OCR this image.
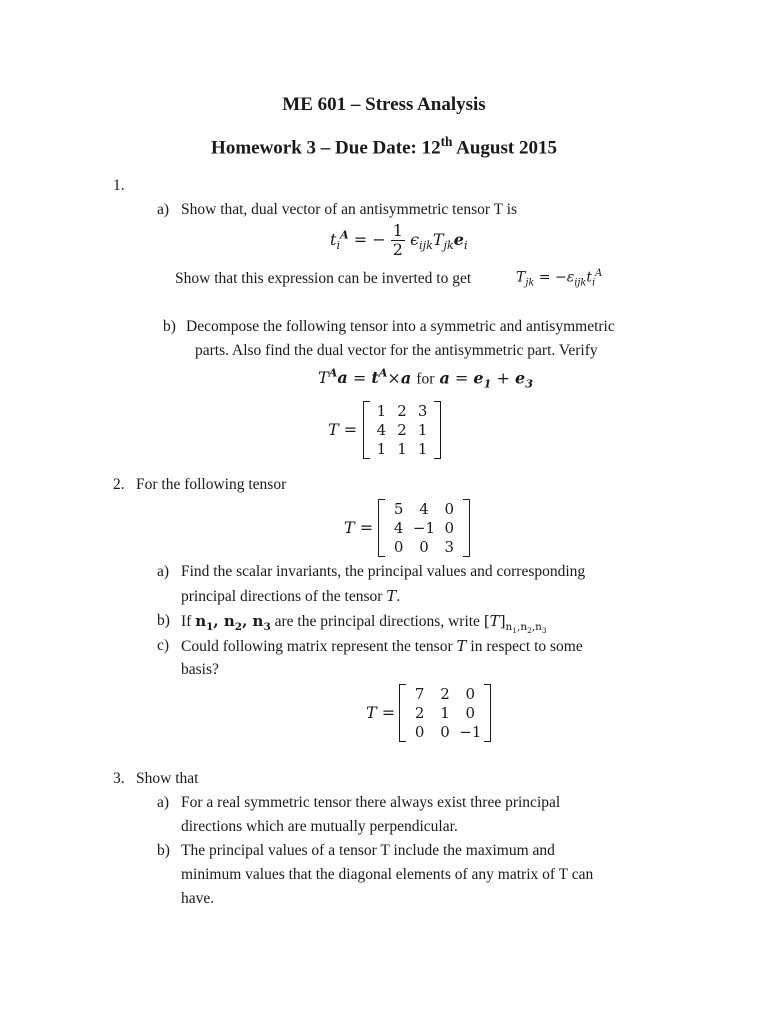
ME 601 – Stress Analysis
Homework 3 – Due Date: 12th August 2015
1.
a) Show that, dual vector of an antisymmetric tensor T is
$t_i^A$ = − $\frac{1}{2} \epsilon_{ijk}T_{jk}e_i$
Show that this expression can be inverted to get	$T_{jk} = -\varepsilon_{ijk}t_i^A$
b) Decompose the following tensor into a symmetric and antisymmetric
parts. Also find the dual vector for the antisymmetric part. Verify
$T^Aa = t^A\times a$ for $a = e_1 + e_3$
T =
1 2 3
4 2 1
1 1 1
2. For the following tensor
T =
5	4	0
4 −1 0
0	0	3
a) Find the scalar invariants, the principal values and corresponding
principal directions of the tensor T.
b) If $n_1$, $n_2$, $n_3$ are the principal directions, write $[T]_{n_1,n_2,n_3}$
c) Could following matrix represent the tensor T in respect to some
basis?
T =
7	2	0
2	1	0
0	0 −1
3. Show that
a) For a real symmetric tensor there always exist three principal
directions which are mutually perpendicular.
b) The principal values of a tensor T include the maximum and
minimum values that the diagonal elements of any matrix of T can
have.
